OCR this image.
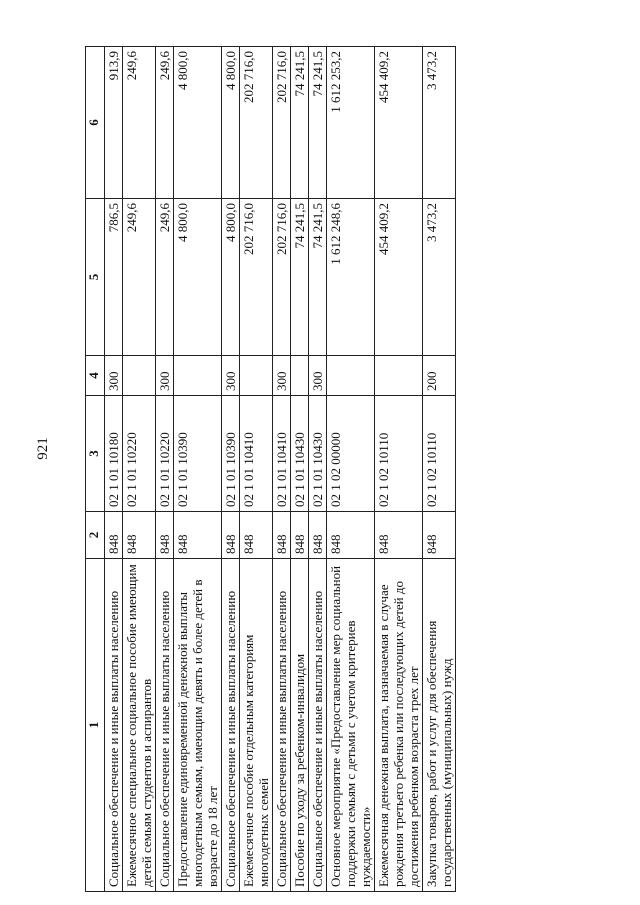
921
1	2	3	4	5	6
Социальное обеспечение и иные выплаты населению	848	02 1 01 10180	300	786,5	913,9
Ежемесячное специальное социальное пособие имеющим детей семьям студентов и аспирантов	848	02 1 01 10220		249,6	249,6
Социальное обеспечение и иные выплаты населению	848	02 1 01 10220	300	249,6	249,6
Предоставление единовременной денежной выплаты многодетным семьям, имеющим девять и более детей в возрасте до 18 лет	848	02 1 01 10390		4 800,0	4 800,0
Социальное обеспечение и иные выплаты населению	848	02 1 01 10390	300	4 800,0	4 800,0
Ежемесячное пособие отдельным категориям многодетных семей	848	02 1 01 10410		202 716,0	202 716,0
Социальное обеспечение и иные выплаты населению	848	02 1 01 10410	300	202 716,0	202 716,0
Пособие по уходу за ребенком-инвалидом	848	02 1 01 10430		74 241,5	74 241,5
Социальное обеспечение и иные выплаты населению	848	02 1 01 10430	300	74 241,5	74 241,5
Основное мероприятие «Предоставление мер социальной поддержки семьям с детьми с учетом критериев нуждаемости»	848	02 1 02 00000		1 612 248,6	1 612 253,2
Ежемесячная денежная выплата, назначаемая в случае рождения третьего ребенка или последующих детей до достижения ребенком возраста трех лет	848	02 1 02 10110		454 409,2	454 409,2
Закупка товаров, работ и услуг для обеспечения государственных (муниципальных) нужд	848	02 1 02 10110	200	3 473,2	3 473,2
